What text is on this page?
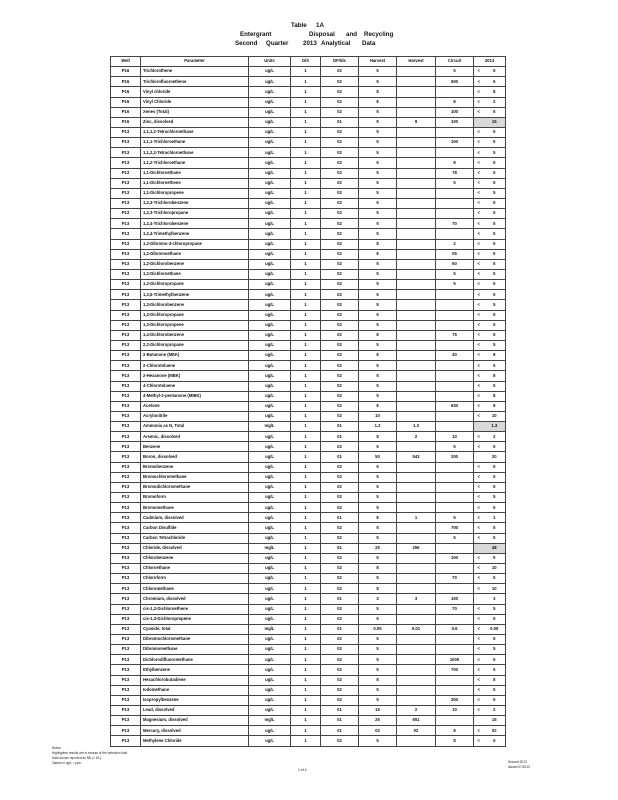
Table 1A
Entergrant	Disposal and Recycling
Second Quarter 2013 Analytical Data
Well	Parameter	Units	Dilt	DF/Ids	Harvest	Harvest	Circuit	2013	
P16	Trichlorothene	ug/L	1	02	5		5	<	5
P16	Trichlorofluoroethene	ug/L	1	02	5		500	<	5
P16	Vinyl chloride	ug/L	1	02	8			<	8
P16	Vinyl Chloride	ug/L	1	02	8		8	<	2
P16	Xenes (Total)	ug/L	1	02	5		100	<	5
P16	Zinc, dissolved	ug/L	1	01	9	9	100		15
P13	1,1,1,2-Tetrachloroethane	ug/L	1	02	5			<	5
P13	1,1,1-Trichloroethane	ug/L	1	02	5		100	<	5
P13	1,1,2,2-Tetrachloroethane	ug/L	1	02	5			<	5
P13	1,1,2-Trichloroethane	ug/L	1	02	5		8	<	5
P13	1,1-Dichloroethane	ug/L	1	02	5		78	<	5
P13	1,1-Dichloroethene	ug/L	1	02	5		5	<	5
P13	1,1-Dichloropropene	ug/L	1	02	5			<	5
P13	1,2,3-Trichlorobenzene	ug/L	1	02	5			<	5
P13	1,2,3-Trichloropropane	ug/L	1	02	5			<	5
P13	1,2,4-Trichlorobenzene	ug/L	1	02	5		70	<	5
P13	1,2,4-Trimethylbenzene	ug/L	1	02	5			<	5
P13	1,2-Dibromo-3-chloropropane	ug/L	1	02	8		2	<	5
P13	1,2-Dibromoethane	ug/L	1	02	8		05	<	5
P13	1,2-Dichlorobenzene	ug/L	1	02	5		60	<	5
P13	1,2-Dichloroethane	ug/L	1	02	5		5	<	5
P13	1,2-Dichloropropane	ug/L	1	02	5		5	<	5
P13	1,3,5-Trimethylbenzene	ug/L	1	02	5			<	5
P13	1,3-Dichlorobenzene	ug/L	1	02	8			<	5
P13	1,3-Dichloropropane	ug/L	1	02	5			<	5
P13	1,3-Dichloropropene	ug/L	1	02	5			<	5
P13	1,4-Dichlorobenzene	ug/L	1	02	8		75	<	5
P13	2,2-Dichloropropane	ug/L	1	02	5			<	5
P13	2-Butanone (MEK)	ug/L	1	02	8		40	<	8
P13	2-Chlorotoluene	ug/L	1	02	5			<	5
P13	2-Hexanone (MBK)	ug/L	1	02	5			<	8
P13	4-Chlorotoluene	ug/L	1	02	5			<	5
P13	4-Methyl-2-pentanone (MIBK)	ug/L	1	02	5			<	8
P13	Acetone	ug/L	1	02	8		630	<	8
P13	Acrylonitrile	ug/L	1	02	10			<	10
P13	Ammonia as N, Total	mg/L	1	01	1.2	1.3			1.3
P13	Arsenic, dissolved	ug/L	1	01	8	2	10	<	2
P13	Benzene	ug/L	1	02	5		5	<	5
P13	Boron, dissolved	ug/L	1	01	50	543	200		20
P13	Bromobenzene	ug/L	1	02	5			<	5
P13	Bromochloromethane	ug/L	1	02	5			<	5
P13	Bromodichloromethane	ug/L	1	02	5			<	5
P13	Bromoform	ug/L	1	02	5			<	5
P13	Bromomethane	ug/L	1	02	5			<	5
P13	Cadmium, dissolved	ug/L	1	01	8	1	5	<	1
P13	Carbon Disulfide	ug/L	1	02	5		700	<	5
P13	Carbon Tetrachloride	ug/L	1	02	5		5	<	5
P13	Chloride, dissolved	mg/L	1	01	25	256			48
P13	Chlorobenzene	ug/L	1	02	5		100	<	5
P13	Chloroethane	ug/L	1	02	8			<	10
P13	Chloroform	ug/L	1	02	5		70	<	5
P13	Chloromethane	ug/L	1	02	8			<	10
P13	Chromium, dissolved	ug/L	1	01	3	3	100		3
P13	cis-1,2-Dichloroethene	ug/L	1	02	5		70	<	5
P13	cis-1,3-Dichloropropene	ug/L	1	02	5			<	5
P13	Cyanide, total	mg/L	1	01	0.05	0.01	0.6	<	0.05
P13	Dibromochloromethane	ug/L	1	02	5			<	5
P13	Dibromomethane	ug/L	1	02	5			<	5
P13	Dichlorodifluoromethane	ug/L	1	02	5		1000	<	5
P13	Ethylbenzene	ug/L	1	02	5		700	<	5
P13	Hexachlorobutadiene	ug/L	1	02	8			<	8
P13	Iodomethane	ug/L	1	02	5			<	5
P13	Isopropylbenzene	ug/L	1	02	5		300	<	5
P13	Lead, dissolved	ug/L	1	01	15	2	10	<	2
P13	Magnesium, dissolved	mg/L	1	01	25	651			15
P13	Mercury, dissolved	ug/L	1	01	02	02	8	<	02
P13	Methylene Chloride	ug/L	1	02	5		8	<	5
Notes:
Highlighted results are in excess of the detection limit.
Data shown reported as ND (< DL).
Values in ug/L = ppb.
1 of 4
Second 2013
Issued 07/2013
